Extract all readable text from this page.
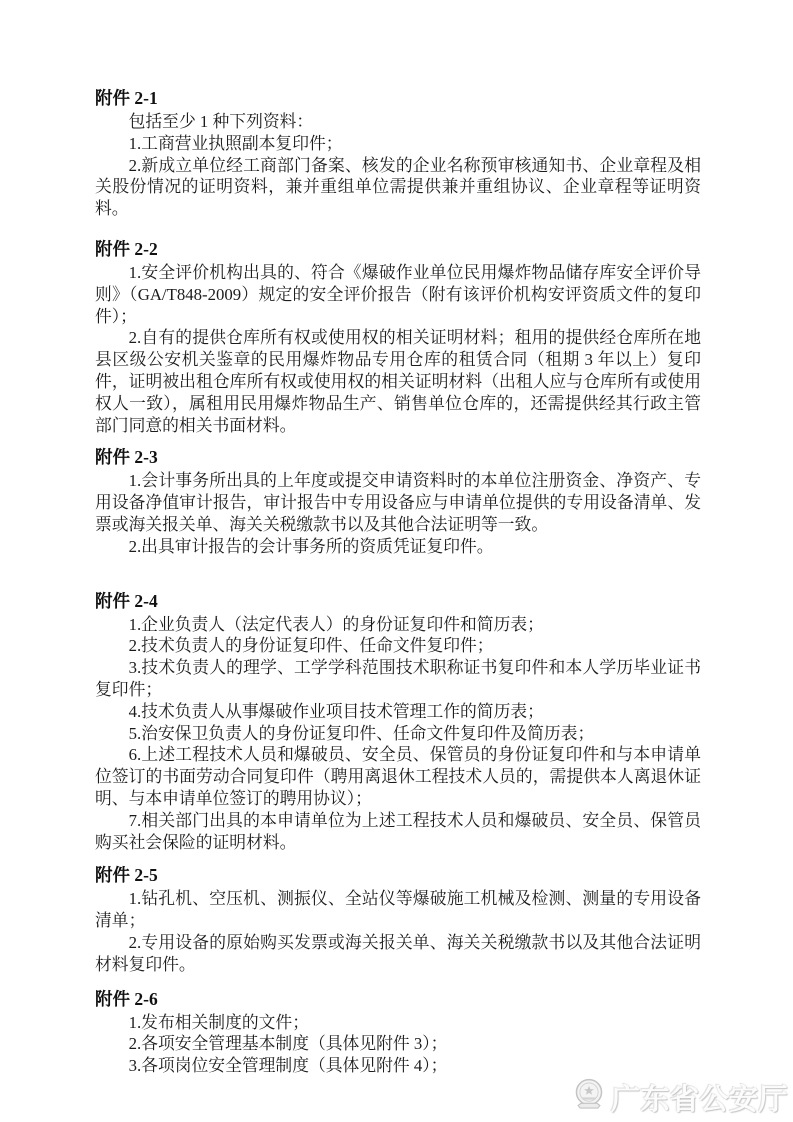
附件 2-1

包括至少 1 种下列资料：

1.工商营业执照副本复印件；

2.新成立单位经工商部门备案、核发的企业名称预审核通知书、企业章程及相关股份情况的证明资料，兼并重组单位需提供兼并重组协议、企业章程等证明资料。

附件 2-2

1.安全评价机构出具的、符合《爆破作业单位民用爆炸物品储存库安全评价导则》（GA/T848-2009）规定的安全评价报告（附有该评价机构安评资质文件的复印件）；

2.自有的提供仓库所有权或使用权的相关证明材料；租用的提供经仓库所在地县区级公安机关鉴章的民用爆炸物品专用仓库的租赁合同（租期 3 年以上）复印件，证明被出租仓库所有权或使用权的相关证明材料（出租人应与仓库所有或使用权人一致），属租用民用爆炸物品生产、销售单位仓库的，还需提供经其行政主管部门同意的相关书面材料。

附件 2-3

1.会计事务所出具的上年度或提交申请资料时的本单位注册资金、净资产、专用设备净值审计报告，审计报告中专用设备应与申请单位提供的专用设备清单、发票或海关报关单、海关关税缴款书以及其他合法证明等一致。

2.出具审计报告的会计事务所的资质凭证复印件。

附件 2-4

1.企业负责人（法定代表人）的身份证复印件和简历表；

2.技术负责人的身份证复印件、任命文件复印件；

3.技术负责人的理学、工学学科范围技术职称证书复印件和本人学历毕业证书复印件；

4.技术负责人从事爆破作业项目技术管理工作的简历表；

5.治安保卫负责人的身份证复印件、任命文件复印件及简历表；

6.上述工程技术人员和爆破员、安全员、保管员的身份证复印件和与本申请单位签订的书面劳动合同复印件（聘用离退休工程技术人员的，需提供本人离退休证明、与本申请单位签订的聘用协议）；

7.相关部门出具的本申请单位为上述工程技术人员和爆破员、安全员、保管员购买社会保险的证明材料。

附件 2-5

1.钻孔机、空压机、测振仪、全站仪等爆破施工机械及检测、测量的专用设备清单；

2.专用设备的原始购买发票或海关报关单、海关关税缴款书以及其他合法证明材料复印件。

附件 2-6

1.发布相关制度的文件；

2.各项安全管理基本制度（具体见附件 3）；

3.各项岗位安全管理制度（具体见附件 4）；

广东省公安厅
